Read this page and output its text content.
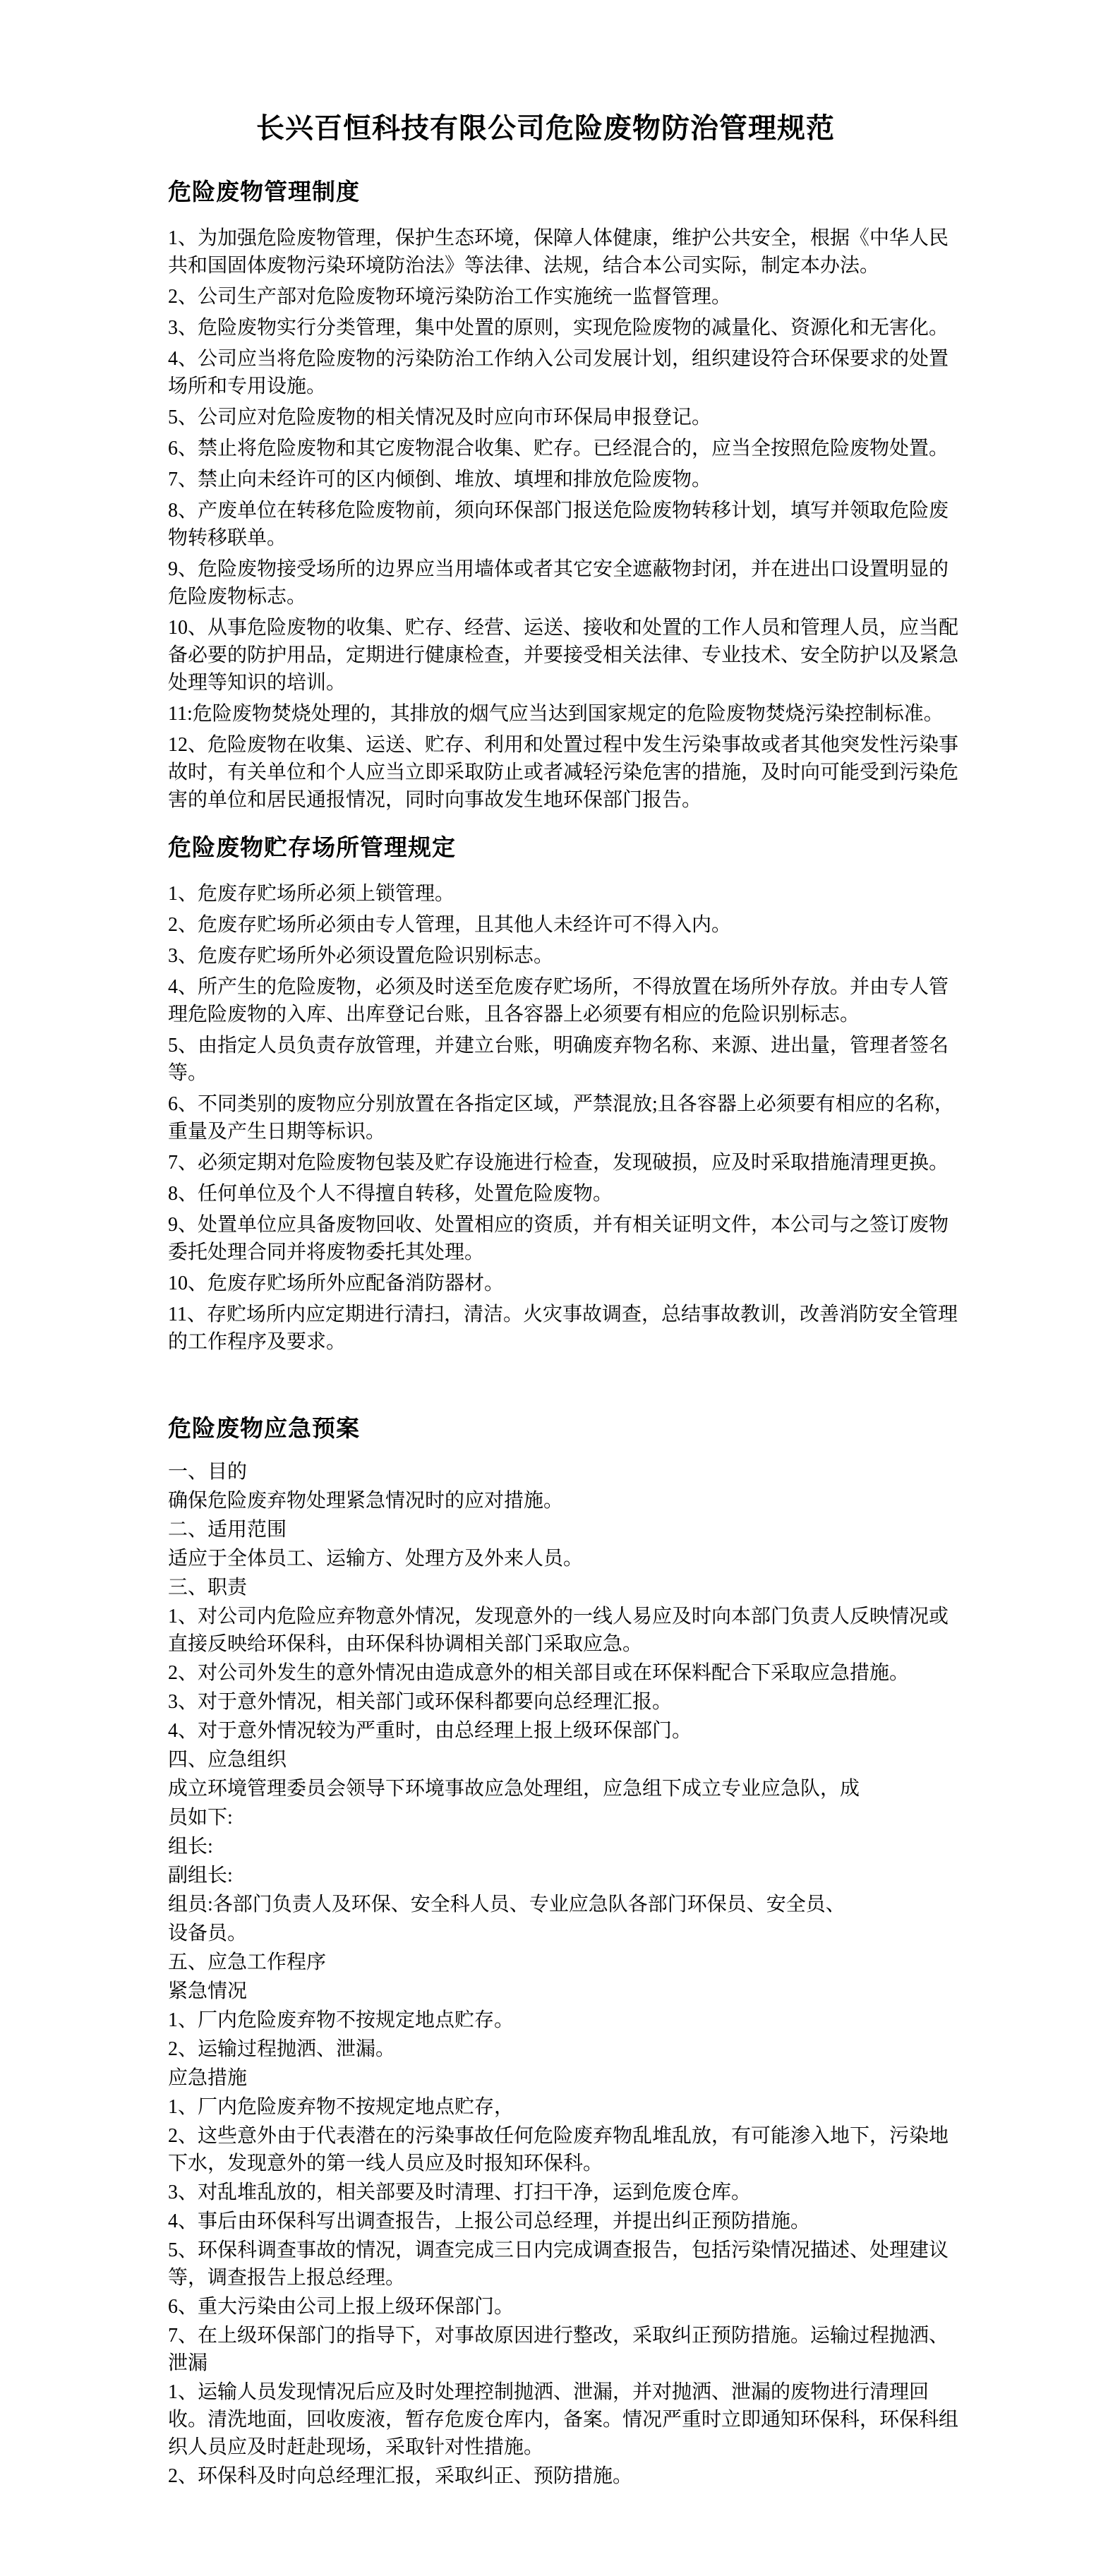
长兴百恒科技有限公司危险废物防治管理规范
危险废物管理制度

1、为加强危险废物管理，保护生态环境，保障人体健康，维护公共安全，根据《中华人民共和国固体废物污染环境防治法》等法律、法规，结合本公司实际，制定本办法。

2、公司生产部对危险废物环境污染防治工作实施统一监督管理。

3、危险废物实行分类管理，集中处置的原则，实现危险废物的减量化、资源化和无害化。

4、公司应当将危险废物的污染防治工作纳入公司发展计划，组织建设符合环保要求的处置场所和专用设施。

5、公司应对危险废物的相关情况及时应向市环保局申报登记。

6、禁止将危险废物和其它废物混合收集、贮存。已经混合的，应当全按照危险废物处置。

7、禁止向未经许可的区内倾倒、堆放、填埋和排放危险废物。

8、产废单位在转移危险废物前，须向环保部门报送危险废物转移计划，填写并领取危险废物转移联单。

9、危险废物接受场所的边界应当用墙体或者其它安全遮蔽物封闭，并在进出口设置明显的危险废物标志。

10、从事危险废物的收集、贮存、经营、运送、接收和处置的工作人员和管理人员，应当配备必要的防护用品，定期进行健康检查，并要接受相关法律、专业技术、安全防护以及紧急处理等知识的培训。

11:危险废物焚烧处理的，其排放的烟气应当达到国家规定的危险废物焚烧污染控制标准。

12、危险废物在收集、运送、贮存、利用和处置过程中发生污染事故或者其他突发性污染事故时，有关单位和个人应当立即采取防止或者减轻污染危害的措施，及时向可能受到污染危害的单位和居民通报情况，同时向事故发生地环保部门报告。

危险废物贮存场所管理规定

1、危废存贮场所必须上锁管理。

2、危废存贮场所必须由专人管理，且其他人未经许可不得入内。

3、危废存贮场所外必须设置危险识别标志。

4、所产生的危险废物，必须及时送至危废存贮场所，不得放置在场所外存放。并由专人管理危险废物的入库、出库登记台账，且各容器上必须要有相应的危险识别标志。

5、由指定人员负责存放管理，并建立台账，明确废弃物名称、来源、进出量，管理者签名等。

6、不同类别的废物应分别放置在各指定区域，严禁混放;且各容器上必须要有相应的名称，重量及产生日期等标识。

7、必须定期对危险废物包装及贮存设施进行检查，发现破损，应及时采取措施清理更换。

8、任何单位及个人不得擅自转移，处置危险废物。

9、处置单位应具备废物回收、处置相应的资质，并有相关证明文件，本公司与之签订废物委托处理合同并将废物委托其处理。

10、危废存贮场所外应配备消防器材。

11、存贮场所内应定期进行清扫，清洁。火灾事故调查，总结事故教训，改善消防安全管理的工作程序及要求。

危险废物应急预案

一、目的

确保危险废弃物处理紧急情况时的应对措施。

二、适用范围

适应于全体员工、运输方、处理方及外来人员。

三、职责

1、对公司内危险应弃物意外情况，发现意外的一线人易应及时向本部门负责人反映情况或直接反映给环保科，由环保科协调相关部门采取应急。

2、对公司外发生的意外情况由造成意外的相关部目或在环保料配合下采取应急措施。

3、对于意外情况，相关部门或环保科都要向总经理汇报。

4、对于意外情况较为严重时，由总经理上报上级环保部门。

四、应急组织

成立环境管理委员会领导下环境事故应急处理组，应急组下成立专业应急队，成

员如下:

组长:

副组长:

组员:各部门负责人及环保、安全科人员、专业应急队各部门环保员、安全员、

设备员。

五、应急工作程序

紧急情况

1、厂内危险废弃物不按规定地点贮存。

2、运输过程抛洒、泄漏。

应急措施

1、厂内危险废弃物不按规定地点贮存，

2、这些意外由于代表潜在的污染事故任何危险废弃物乱堆乱放，有可能渗入地下，污染地下水，发现意外的第一线人员应及时报知环保科。

3、对乱堆乱放的，相关部要及时清理、打扫干净，运到危废仓库。

4、事后由环保科写出调查报告，上报公司总经理，并提出纠正预防措施。

5、环保科调查事故的情况，调查完成三日内完成调查报告，包括污染情况描述、处理建议等，调查报告上报总经理。

6、重大污染由公司上报上级环保部门。

7、在上级环保部门的指导下，对事故原因进行整改，采取纠正预防措施。运输过程抛洒、泄漏

1、运输人员发现情况后应及时处理控制抛洒、泄漏，并对抛洒、泄漏的废物进行清理回收。清洗地面，回收废液，暂存危废仓库内，备案。情况严重时立即通知环保科，环保科组织人员应及时赶赴现场，采取针对性措施。

2、环保科及时向总经理汇报，采取纠正、预防措施。
